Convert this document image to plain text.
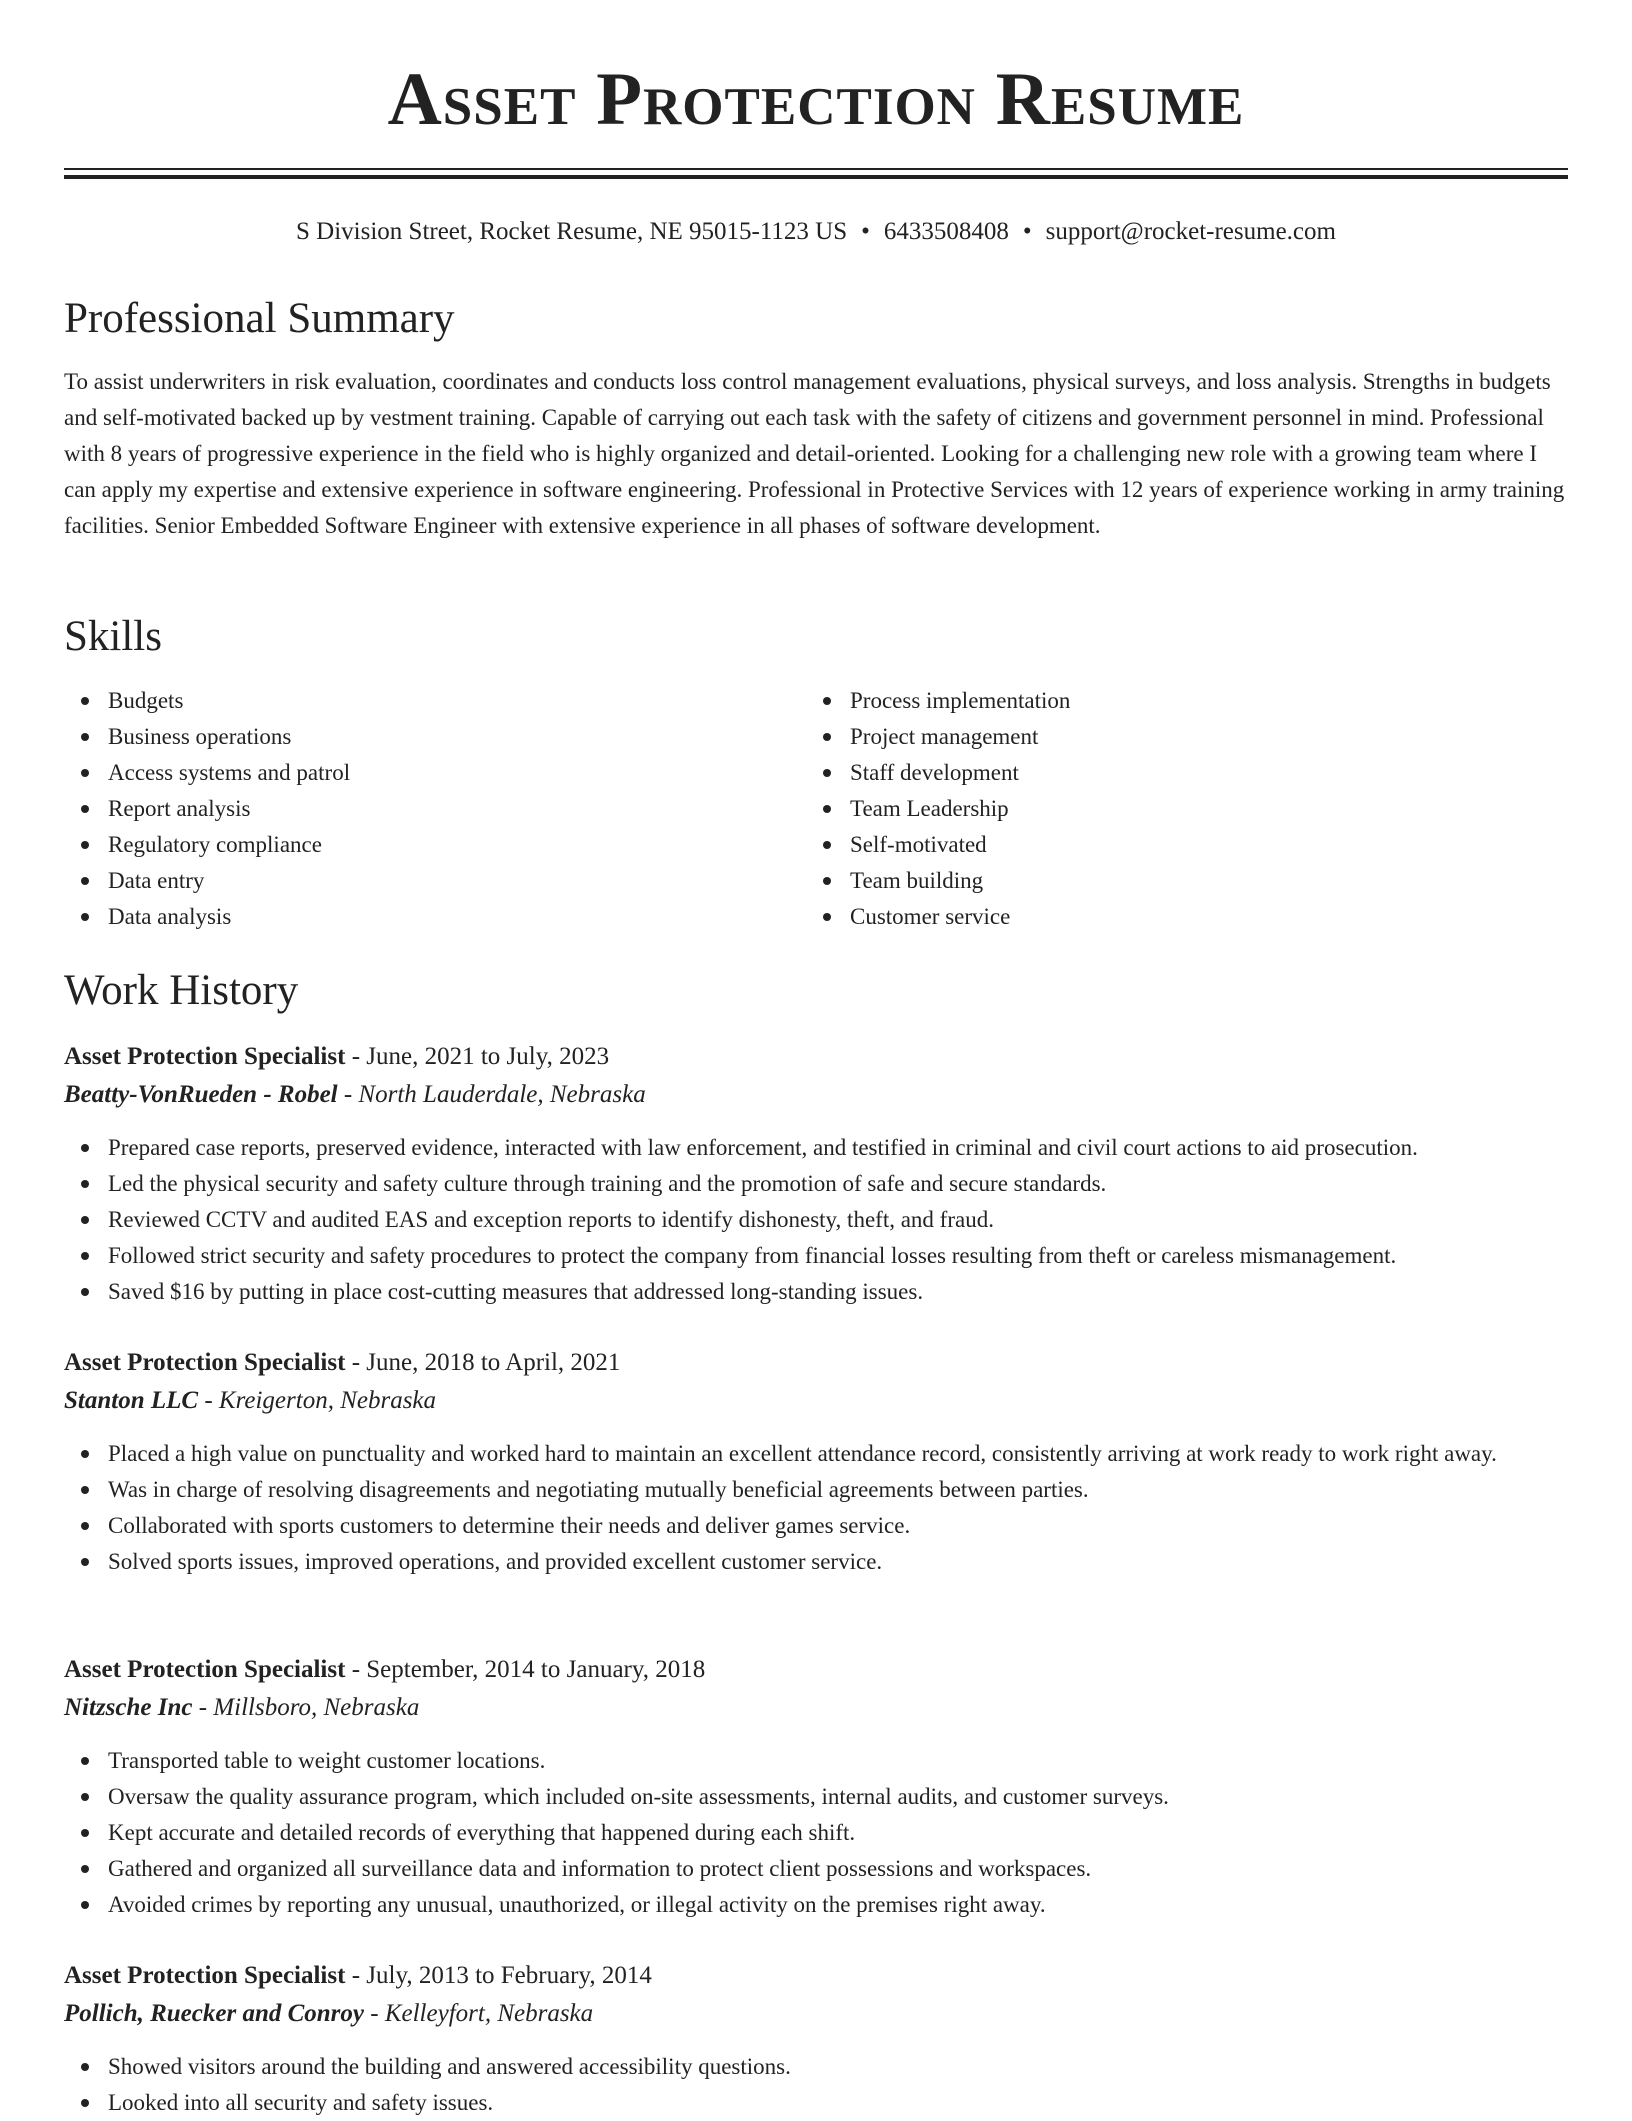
Asset Protection Resume
S Division Street, Rocket Resume, NE 95015-1123 US • 6433508408 • support@rocket-resume.com
Professional Summary

To assist underwriters in risk evaluation, coordinates and conducts loss control management evaluations, physical surveys, and loss analysis. Strengths in budgets and self-motivated backed up by vestment training. Capable of carrying out each task with the safety of citizens and government personnel in mind. Professional with 8 years of progressive experience in the field who is highly organized and detail-oriented. Looking for a challenging new role with a growing team where I can apply my expertise and extensive experience in software engineering. Professional in Protective Services with 12 years of experience working in army training facilities. Senior Embedded Software Engineer with extensive experience in all phases of software development.

Skills
Budgets
Business operations
Access systems and patrol
Report analysis
Regulatory compliance
Data entry
Data analysis
Process implementation
Project management
Staff development
Team Leadership
Self-motivated
Team building
Customer service
Work History
Asset Protection Specialist - June, 2021 to July, 2023
Beatty-VonRueden - Robel - North Lauderdale, Nebraska
Prepared case reports, preserved evidence, interacted with law enforcement, and testified in criminal and civil court actions to aid prosecution.
Led the physical security and safety culture through training and the promotion of safe and secure standards.
Reviewed CCTV and audited EAS and exception reports to identify dishonesty, theft, and fraud.
Followed strict security and safety procedures to protect the company from financial losses resulting from theft or careless mismanagement.
Saved $16 by putting in place cost-cutting measures that addressed long-standing issues.
Asset Protection Specialist - June, 2018 to April, 2021
Stanton LLC - Kreigerton, Nebraska
Placed a high value on punctuality and worked hard to maintain an excellent attendance record, consistently arriving at work ready to work right away.
Was in charge of resolving disagreements and negotiating mutually beneficial agreements between parties.
Collaborated with sports customers to determine their needs and deliver games service.
Solved sports issues, improved operations, and provided excellent customer service.
Asset Protection Specialist - September, 2014 to January, 2018
Nitzsche Inc - Millsboro, Nebraska
Transported table to weight customer locations.
Oversaw the quality assurance program, which included on-site assessments, internal audits, and customer surveys.
Kept accurate and detailed records of everything that happened during each shift.
Gathered and organized all surveillance data and information to protect client possessions and workspaces.
Avoided crimes by reporting any unusual, unauthorized, or illegal activity on the premises right away.
Asset Protection Specialist - July, 2013 to February, 2014
Pollich, Ruecker and Conroy - Kelleyfort, Nebraska
Showed visitors around the building and answered accessibility questions.
Looked into all security and safety issues.
